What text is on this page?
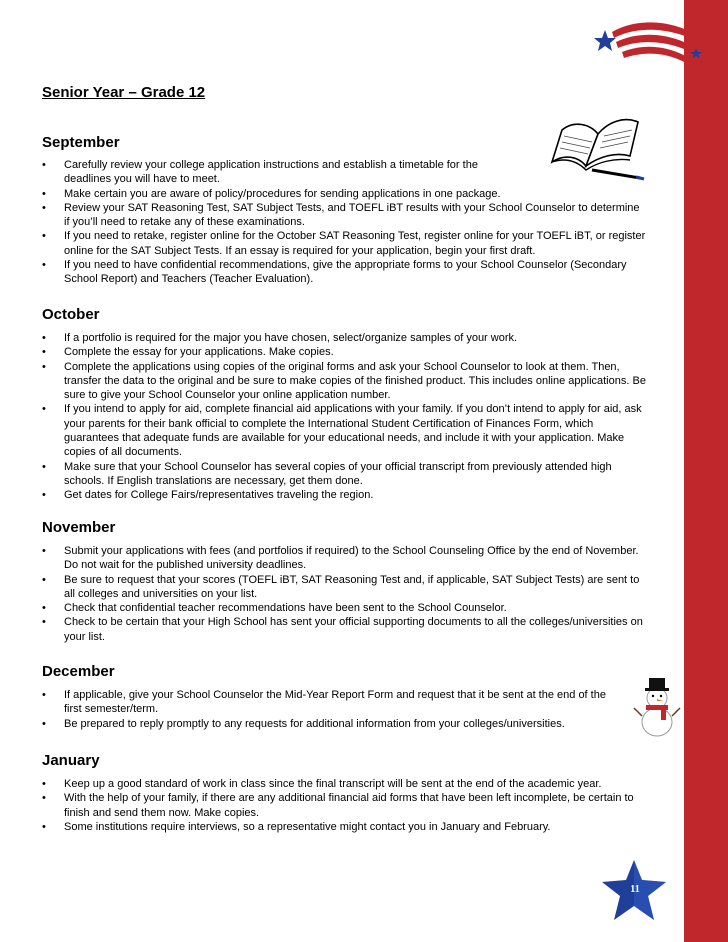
Senior Year – Grade 12
September
• Carefully review your college application instructions and establish a timetable for the deadlines you will have to meet.
• Make certain you are aware of policy/procedures for sending applications in one package.
• Review your SAT Reasoning Test, SAT Subject Tests, and TOEFL iBT results with your School Counselor to determine if you’ll need to retake any of these examinations.
• If you need to retake, register online for the October SAT Reasoning Test, register online for your TOEFL iBT, or register online for the SAT Subject Tests. If an essay is required for your application, begin your first draft.
• If you need to have confidential recommendations, give the appropriate forms to your School Counselor (Secondary School Report) and Teachers (Teacher Evaluation).
October
• If a portfolio is required for the major you have chosen, select/organize samples of your work.
• Complete the essay for your applications. Make copies.
• Complete the applications using copies of the original forms and ask your School Counselor to look at them. Then, transfer the data to the original and be sure to make copies of the finished product. This includes online applications. Be sure to give your School Counselor your online application number.
• If you intend to apply for aid, complete financial aid applications with your family. If you don’t intend to apply for aid, ask your parents for their bank official to complete the International Student Certification of Finances Form, which guarantees that adequate funds are available for your educational needs, and include it with your application. Make copies of all documents.
• Make sure that your School Counselor has several copies of your official transcript from previously attended high schools. If English translations are necessary, get them done.
• Get dates for College Fairs/representatives traveling the region.
November
• Submit your applications with fees (and portfolios if required) to the School Counseling Office by the end of November. Do not wait for the published university deadlines.
• Be sure to request that your scores (TOEFL iBT, SAT Reasoning Test and, if applicable, SAT Subject Tests) are sent to all colleges and universities on your list.
• Check that confidential teacher recommendations have been sent to the School Counselor.
• Check to be certain that your High School has sent your official supporting documents to all the colleges/universities on your list.
December
• If applicable, give your School Counselor the Mid-Year Report Form and request that it be sent at the end of the first semester/term.
• Be prepared to reply promptly to any requests for additional information from your colleges/universities.
January
• Keep up a good standard of work in class since the final transcript will be sent at the end of the academic year.
• With the help of your family, if there are any additional financial aid forms that have been left incomplete, be certain to finish and send them now. Make copies.
• Some institutions require interviews, so a representative might contact you in January and February.
11
